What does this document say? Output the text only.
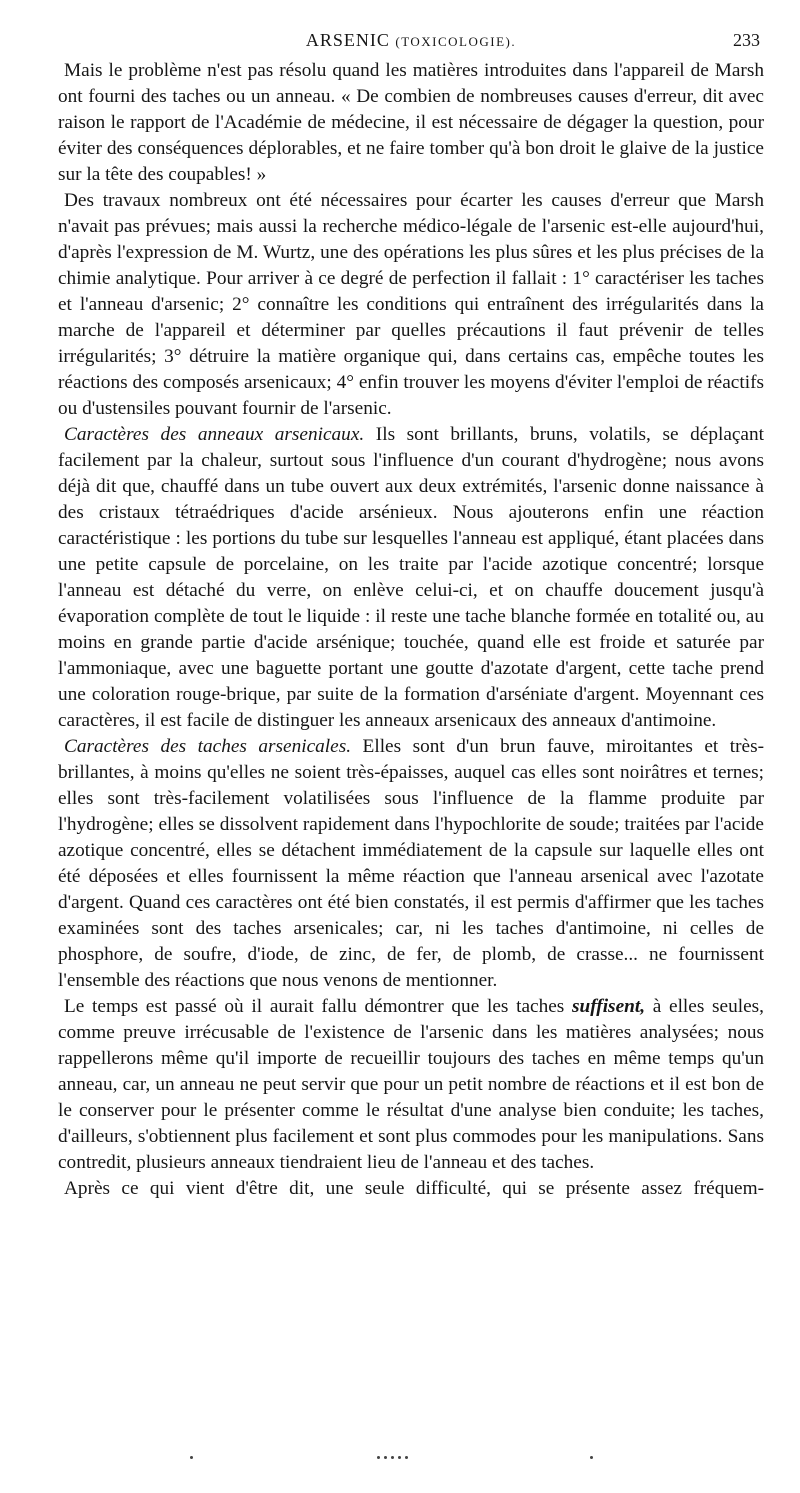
ARSENIC (TOXICOLOGIE).	233

Mais le problème n'est pas résolu quand les matières introduites dans l'appareil de Marsh ont fourni des taches ou un anneau. « De combien de nombreuses causes d'erreur, dit avec raison le rapport de l'Académie de médecine, il est nécessaire de dégager la question, pour éviter des conséquences déplorables, et ne faire tomber qu'à bon droit le glaive de la justice sur la tête des coupables! »

Des travaux nombreux ont été nécessaires pour écarter les causes d'erreur que Marsh n'avait pas prévues; mais aussi la recherche médico-légale de l'arsenic est-elle aujourd'hui, d'après l'expression de M. Wurtz, une des opérations les plus sûres et les plus précises de la chimie analytique. Pour arriver à ce degré de perfection il fallait : 1° caractériser les taches et l'anneau d'arsenic; 2° connaître les conditions qui entraînent des irrégularités dans la marche de l'appareil et déterminer par quelles précautions il faut prévenir de telles irrégularités; 3° détruire la matière organique qui, dans certains cas, empêche toutes les réactions des composés arsenicaux; 4° enfin trouver les moyens d'éviter l'emploi de réactifs ou d'ustensiles pouvant fournir de l'arsenic.

Caractères des anneaux arsenicaux. Ils sont brillants, bruns, volatils, se déplaçant facilement par la chaleur, surtout sous l'influence d'un courant d'hydrogène; nous avons déjà dit que, chauffé dans un tube ouvert aux deux extrémités, l'arsenic donne naissance à des cristaux tétraédriques d'acide arsénieux. Nous ajouterons enfin une réaction caractéristique : les portions du tube sur lesquelles l'anneau est appliqué, étant placées dans une petite capsule de porcelaine, on les traite par l'acide azotique concentré; lorsque l'anneau est détaché du verre, on enlève celui-ci, et on chauffe doucement jusqu'à évaporation complète de tout le liquide : il reste une tache blanche formée en totalité ou, au moins en grande partie d'acide arsénique; touchée, quand elle est froide et saturée par l'ammoniaque, avec une baguette portant une goutte d'azotate d'argent, cette tache prend une coloration rouge-brique, par suite de la formation d'arséniate d'argent. Moyennant ces caractères, il est facile de distinguer les anneaux arsenicaux des anneaux d'antimoine.

Caractères des taches arsenicales. Elles sont d'un brun fauve, miroitantes et très-brillantes, à moins qu'elles ne soient très-épaisses, auquel cas elles sont noirâtres et ternes; elles sont très-facilement volatilisées sous l'influence de la flamme produite par l'hydrogène; elles se dissolvent rapidement dans l'hypochlorite de soude; traitées par l'acide azotique concentré, elles se détachent immédiatement de la capsule sur laquelle elles ont été déposées et elles fournissent la même réaction que l'anneau arsenical avec l'azotate d'argent. Quand ces caractères ont été bien constatés, il est permis d'affirmer que les taches examinées sont des taches arsenicales; car, ni les taches d'antimoine, ni celles de phosphore, de soufre, d'iode, de zinc, de fer, de plomb, de crasse... ne fournissent l'ensemble des réactions que nous venons de mentionner.

Le temps est passé où il aurait fallu démontrer que les taches suffisent, à elles seules, comme preuve irrécusable de l'existence de l'arsenic dans les matières analysées; nous rappellerons même qu'il importe de recueillir toujours des taches en même temps qu'un anneau, car, un anneau ne peut servir que pour un petit nombre de réactions et il est bon de le conserver pour le présenter comme le résultat d'une analyse bien conduite; les taches, d'ailleurs, s'obtiennent plus facilement et sont plus commodes pour les manipulations. Sans contredit, plusieurs anneaux tiendraient lieu de l'anneau et des taches.

Après ce qui vient d'être dit, une seule difficulté, qui se présente assez fréquem-
